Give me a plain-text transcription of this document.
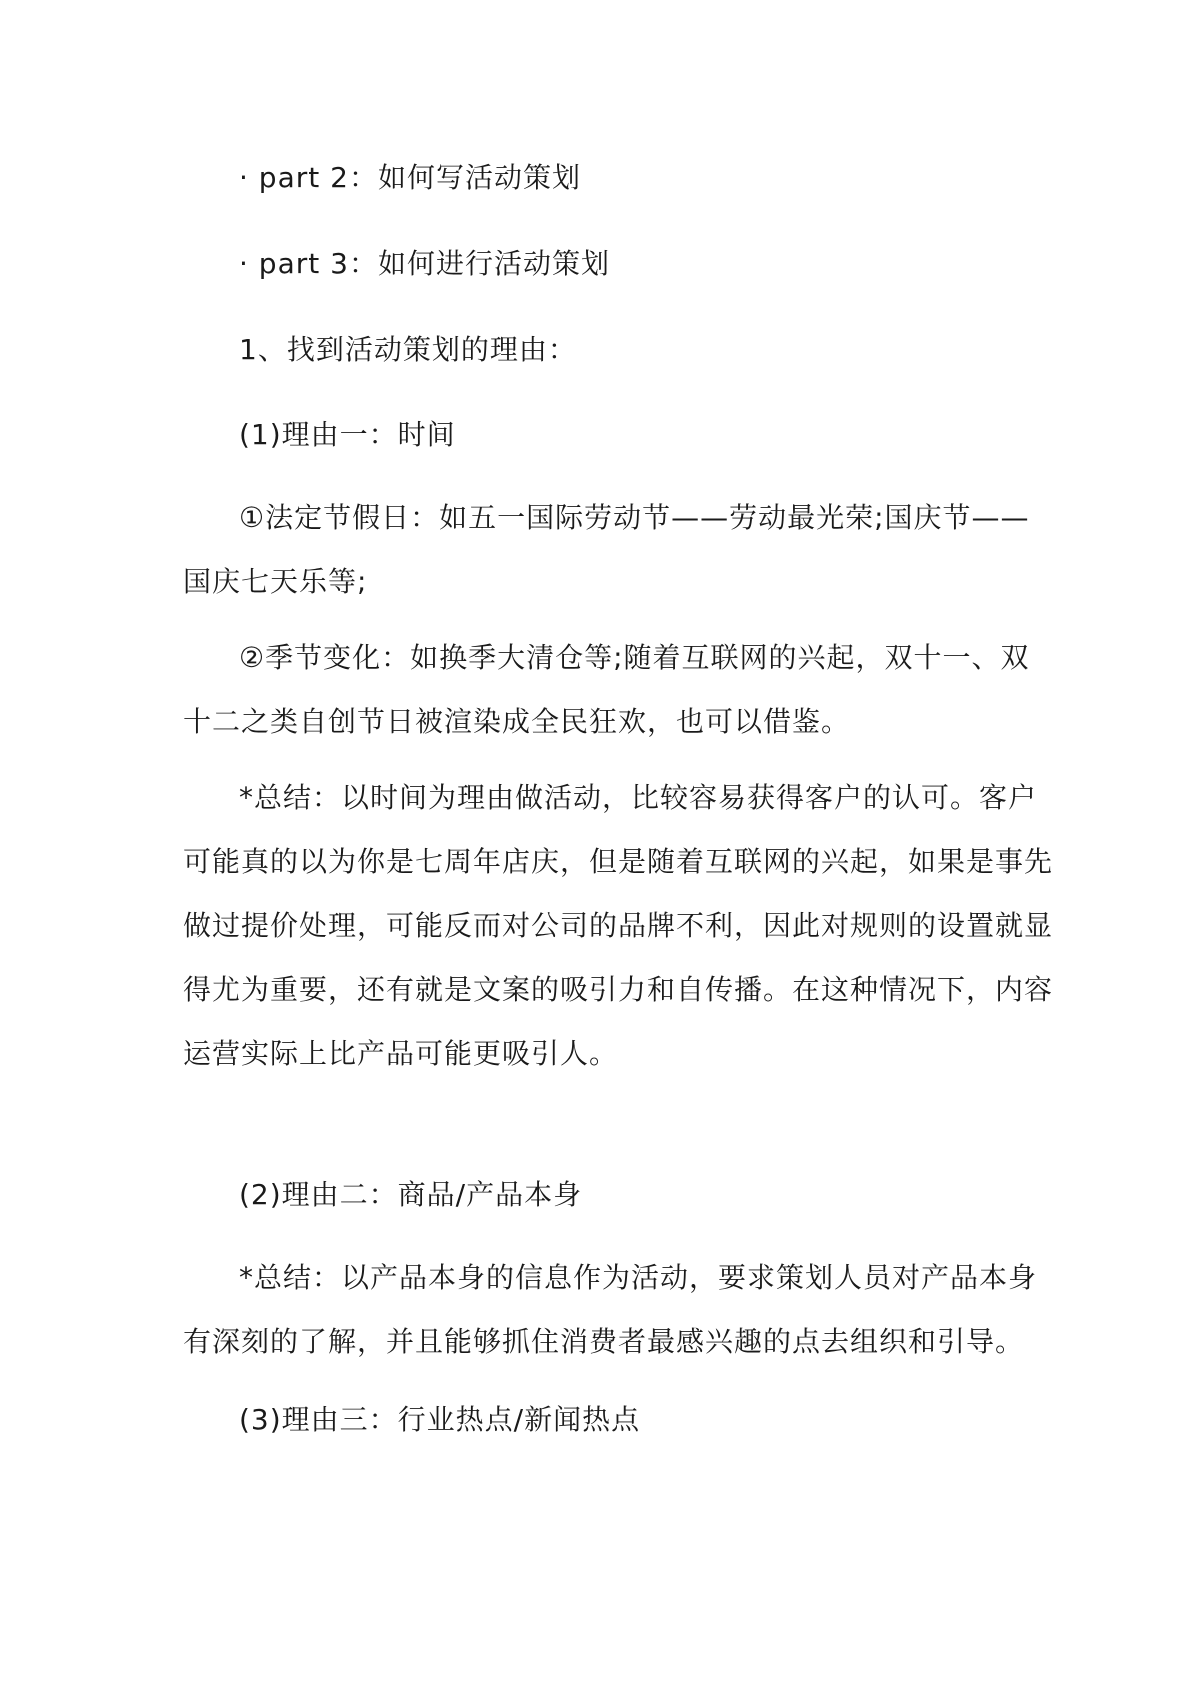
· part 2：如何写活动策划

· part 3：如何进行活动策划

1、找到活动策划的理由：

(1)理由一：时间

①法定节假日：如五一国际劳动节——劳动最光荣;国庆节——
国庆七天乐等;

②季节变化：如换季大清仓等;随着互联网的兴起，双十一、双
十二之类自创节日被渲染成全民狂欢，也可以借鉴。

*总结：以时间为理由做活动，比较容易获得客户的认可。客户
可能真的以为你是七周年店庆，但是随着互联网的兴起，如果是事先
做过提价处理，可能反而对公司的品牌不利，因此对规则的设置就显
得尤为重要，还有就是文案的吸引力和自传播。在这种情况下，内容
运营实际上比产品可能更吸引人。

(2)理由二：商品/产品本身

*总结：以产品本身的信息作为活动，要求策划人员对产品本身
有深刻的了解，并且能够抓住消费者最感兴趣的点去组织和引导。

(3)理由三：行业热点/新闻热点
